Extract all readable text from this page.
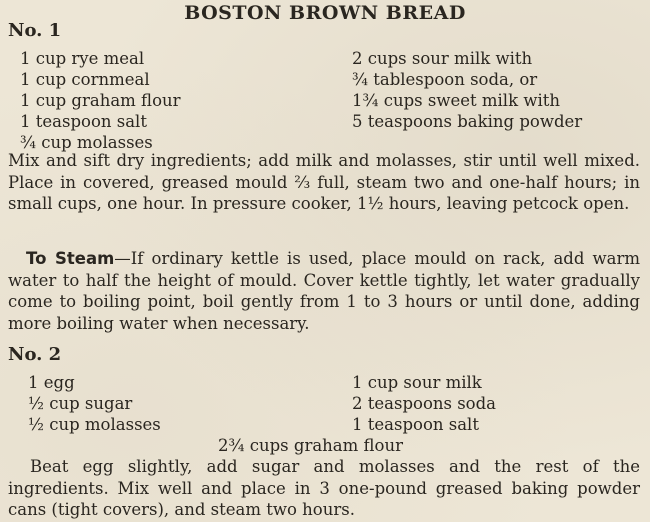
BOSTON BROWN BREAD
No. 1
1 cup rye meal
1 cup cornmeal
1 cup graham flour
1 teaspoon salt
¾ cup molasses
2 cups sour milk with
¾ tablespoon soda, or
1¾ cups sweet milk with
5 teaspoons baking powder
Mix and sift dry ingredients; add milk and molasses, stir until well mixed. Place in covered, greased mould ⅔ full, steam two and one-half hours; in small cups, one hour. In pressure cooker, 1½ hours, leaving petcock open.
To Steam—If ordinary kettle is used, place mould on rack, add warm water to half the height of mould. Cover kettle tightly, let water gradually come to boiling point, boil gently from 1 to 3 hours or until done, adding more boiling water when necessary.
No. 2
1 egg
½ cup sugar
½ cup molasses
1 cup sour milk
2 teaspoons soda
1 teaspoon salt
2¾ cups graham flour
Beat egg slightly, add sugar and molasses and the rest of the ingredients. Mix well and place in 3 one-pound greased baking powder cans (tight covers), and steam two hours.
